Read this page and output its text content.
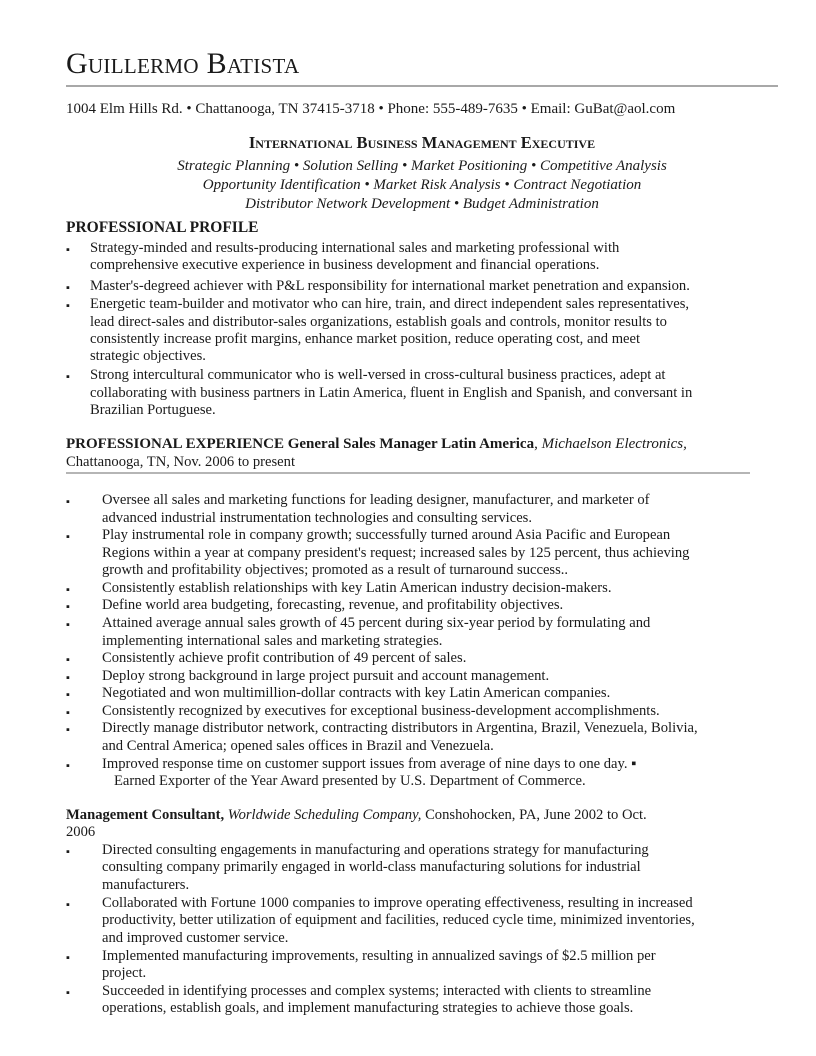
Guillermo Batista
1004 Elm Hills Rd. • Chattanooga, TN 37415-3718 • Phone: 555-489-7635 • Email: GuBat@aol.com
International Business Management Executive
Strategic Planning • Solution Selling • Market Positioning • Competitive Analysis
Opportunity Identification • Market Risk Analysis • Contract Negotiation
Distributor Network Development • Budget Administration
PROFESSIONAL PROFILE
▪ Strategy-minded and results-producing international sales and marketing professional with
comprehensive executive experience in business development and financial operations.
▪ Master's-degreed achiever with P&L responsibility for international market penetration and expansion.
▪ Energetic team-builder and motivator who can hire, train, and direct independent sales representatives,
lead direct-sales and distributor-sales organizations, establish goals and controls, monitor results to
consistently increase profit margins, enhance market position, reduce operating cost, and meet
strategic objectives.
▪ Strong intercultural communicator who is well-versed in cross-cultural business practices, adept at
collaborating with business partners in Latin America, fluent in English and Spanish, and conversant in
Brazilian Portuguese.
PROFESSIONAL EXPERIENCE General Sales Manager Latin America, Michaelson Electronics,
Chattanooga, TN, Nov. 2006 to present
▪ Oversee all sales and marketing functions for leading designer, manufacturer, and marketer of
advanced industrial instrumentation technologies and consulting services.
▪ Play instrumental role in company growth; successfully turned around Asia Pacific and European
Regions within a year at company president's request; increased sales by 125 percent, thus achieving
growth and profitability objectives; promoted as a result of turnaround success..
▪ Consistently establish relationships with key Latin American industry decision-makers.
▪ Define world area budgeting, forecasting, revenue, and profitability objectives.
▪ Attained average annual sales growth of 45 percent during six-year period by formulating and
implementing international sales and marketing strategies.
▪ Consistently achieve profit contribution of 49 percent of sales.
▪ Deploy strong background in large project pursuit and account management.
▪ Negotiated and won multimillion-dollar contracts with key Latin American companies.
▪ Consistently recognized by executives for exceptional business-development accomplishments.
▪ Directly manage distributor network, contracting distributors in Argentina, Brazil, Venezuela, Bolivia,
and Central America; opened sales offices in Brazil and Venezuela.
▪ Improved response time on customer support issues from average of nine days to one day. ▪
Earned Exporter of the Year Award presented by U.S. Department of Commerce.
Management Consultant, Worldwide Scheduling Company, Conshohocken, PA, June 2002 to Oct.
2006
▪ Directed consulting engagements in manufacturing and operations strategy for manufacturing
consulting company primarily engaged in world-class manufacturing solutions for industrial
manufacturers.
▪ Collaborated with Fortune 1000 companies to improve operating effectiveness, resulting in increased
productivity, better utilization of equipment and facilities, reduced cycle time, minimized inventories,
and improved customer service.
▪ Implemented manufacturing improvements, resulting in annualized savings of $2.5 million per
project.
▪ Succeeded in identifying processes and complex systems; interacted with clients to streamline
operations, establish goals, and implement manufacturing strategies to achieve those goals.
